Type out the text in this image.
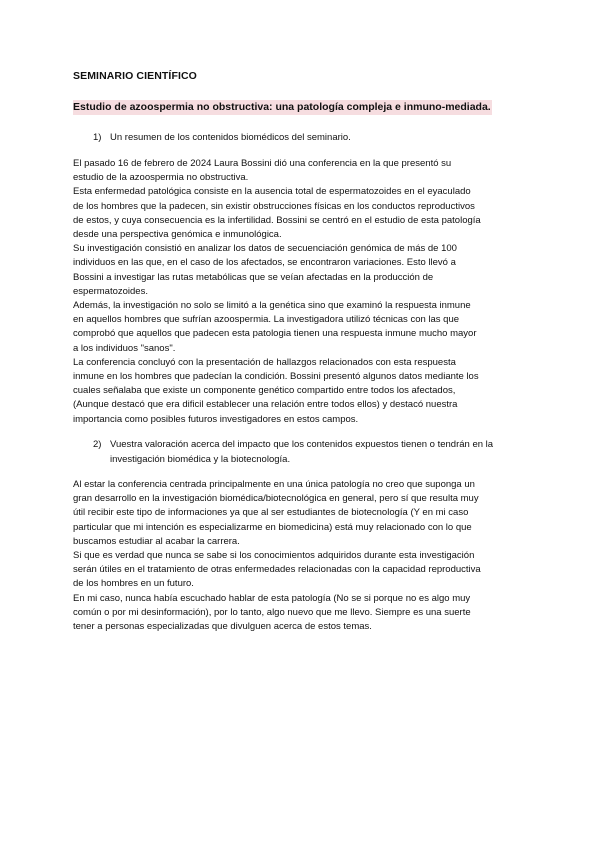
SEMINARIO CIENTÍFICO
Estudio de azoospermia no obstructiva: una patología compleja e inmuno-mediada.
1) Un resumen de los contenidos biomédicos del seminario.
El pasado 16 de febrero de 2024 Laura Bossini dió una conferencia en la que presentó su
estudio de la azoospermia no obstructiva.
Esta enfermedad patológica consiste en la ausencia total de espermatozoides en el eyaculado
de los hombres que la padecen, sin existir obstrucciones físicas en los conductos reproductivos
de estos, y cuya consecuencia es la infertilidad. Bossini se centró en el estudio de esta patología
desde una perspectiva genómica e inmunológica.
Su investigación consistió en analizar los datos de secuenciación genómica de más de 100
individuos en las que, en el caso de los afectados, se encontraron variaciones. Esto llevó a
Bossini a investigar las rutas metabólicas que se veían afectadas en la producción de
espermatozoides.
Además, la investigación no solo se limitó a la genética sino que examinó la respuesta inmune
en aquellos hombres que sufrían azoospermia. La investigadora utilizó técnicas con las que
comprobó que aquellos que padecen esta patologia tienen una respuesta inmune mucho mayor
a los individuos "sanos".
La conferencia concluyó con la presentación de hallazgos relacionados con esta respuesta
inmune en los hombres que padecían la condición. Bossini presentó algunos datos mediante los
cuales señalaba que existe un componente genético compartido entre todos los afectados,
(Aunque destacó que era dificil establecer una relación entre todos ellos) y destacó nuestra
importancia como posibles futuros investigadores en estos campos.
2) Vuestra valoración acerca del impacto que los contenidos expuestos tienen o tendrán en la investigación biomédica y la biotecnología.
Al estar la conferencia centrada principalmente en una única patología no creo que suponga un
gran desarrollo en la investigación biomédica/biotecnológica en general, pero sí que resulta muy
útil recibir este tipo de informaciones ya que al ser estudiantes de biotecnología (Y en mi caso
particular que mi intención es especializarme en biomedicina) está muy relacionado con lo que
buscamos estudiar al acabar la carrera.
Si que es verdad que nunca se sabe si los conocimientos adquiridos durante esta investigación
serán útiles en el tratamiento de otras enfermedades relacionadas con la capacidad reproductiva
de los hombres en un futuro.
En mi caso, nunca había escuchado hablar de esta patología (No se si porque no es algo muy
común o por mi desinformación), por lo tanto, algo nuevo que me llevo. Siempre es una suerte
tener a personas especializadas que divulguen acerca de estos temas.
